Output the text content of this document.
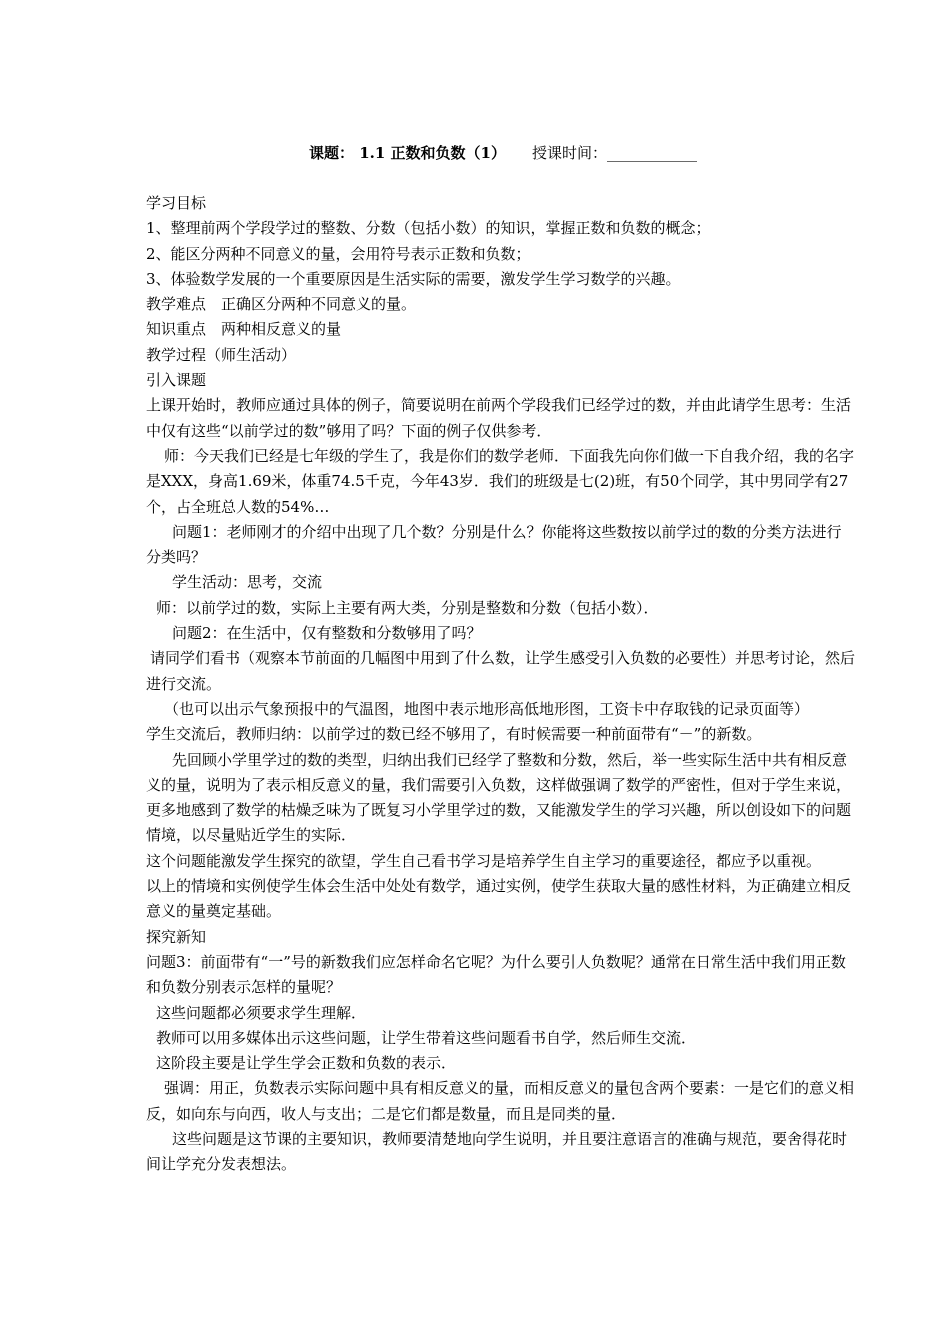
课题： 1.1 正数和负数（1） 授课时间：____________

学习目标

1、整理前两个学段学过的整数、分数（包括小数）的知识，掌握正数和负数的概念；

2、能区分两种不同意义的量，会用符号表示正数和负数；

3、体验数学发展的一个重要原因是生活实际的需要，激发学生学习数学的兴趣。

教学难点　正确区分两种不同意义的量。

知识重点　两种相反意义的量

教学过程（师生活动）

引入课题

上课开始时，教师应通过具体的例子，简要说明在前两个学段我们已经学过的数，并由此请学生思考：生活中仅有这些“以前学过的数”够用了吗？下面的例子仅供参考．

师：今天我们已经是七年级的学生了，我是你们的数学老师．下面我先向你们做一下自我介绍，我的名字是XXX，身高1.69米，体重74.5千克，今年43岁．我们的班级是七(2)班，有50个同学，其中男同学有27个，占全班总人数的54%…

问题1：老师刚才的介绍中出现了几个数？分别是什么？你能将这些数按以前学过的数的分类方法进行分类吗？

学生活动：思考，交流

师：以前学过的数，实际上主要有两大类，分别是整数和分数（包括小数）．

问题2：在生活中，仅有整数和分数够用了吗？

请同学们看书（观察本节前面的几幅图中用到了什么数，让学生感受引入负数的必要性）并思考讨论，然后进行交流。

（也可以出示气象预报中的气温图，地图中表示地形高低地形图，工资卡中存取钱的记录页面等）

学生交流后，教师归纳：以前学过的数已经不够用了，有时候需要一种前面带有“－”的新数。

先回顾小学里学过的数的类型，归纳出我们已经学了整数和分数，然后，举一些实际生活中共有相反意义的量，说明为了表示相反意义的量，我们需要引入负数，这样做强调了数学的严密性，但对于学生来说，更多地感到了数学的枯燥乏味为了既复习小学里学过的数，又能激发学生的学习兴趣，所以创设如下的问题情境，以尽量贴近学生的实际．

这个问题能激发学生探究的欲望，学生自己看书学习是培养学生自主学习的重要途径，都应予以重视。

以上的情境和实例使学生体会生活中处处有数学，通过实例，使学生获取大量的感性材料，为正确建立相反意义的量奠定基础。

探究新知

问题3：前面带有“一”号的新数我们应怎样命名它呢？为什么要引人负数呢？通常在日常生活中我们用正数和负数分别表示怎样的量呢？

这些问题都必须要求学生理解．

教师可以用多媒体出示这些问题，让学生带着这些问题看书自学，然后师生交流．

这阶段主要是让学生学会正数和负数的表示．

强调：用正，负数表示实际问题中具有相反意义的量，而相反意义的量包含两个要素：一是它们的意义相反，如向东与向西，收人与支出；二是它们都是数量，而且是同类的量．

这些问题是这节课的主要知识，教师要清楚地向学生说明，并且要注意语言的准确与规范，要舍得花时间让学充分发表想法。
